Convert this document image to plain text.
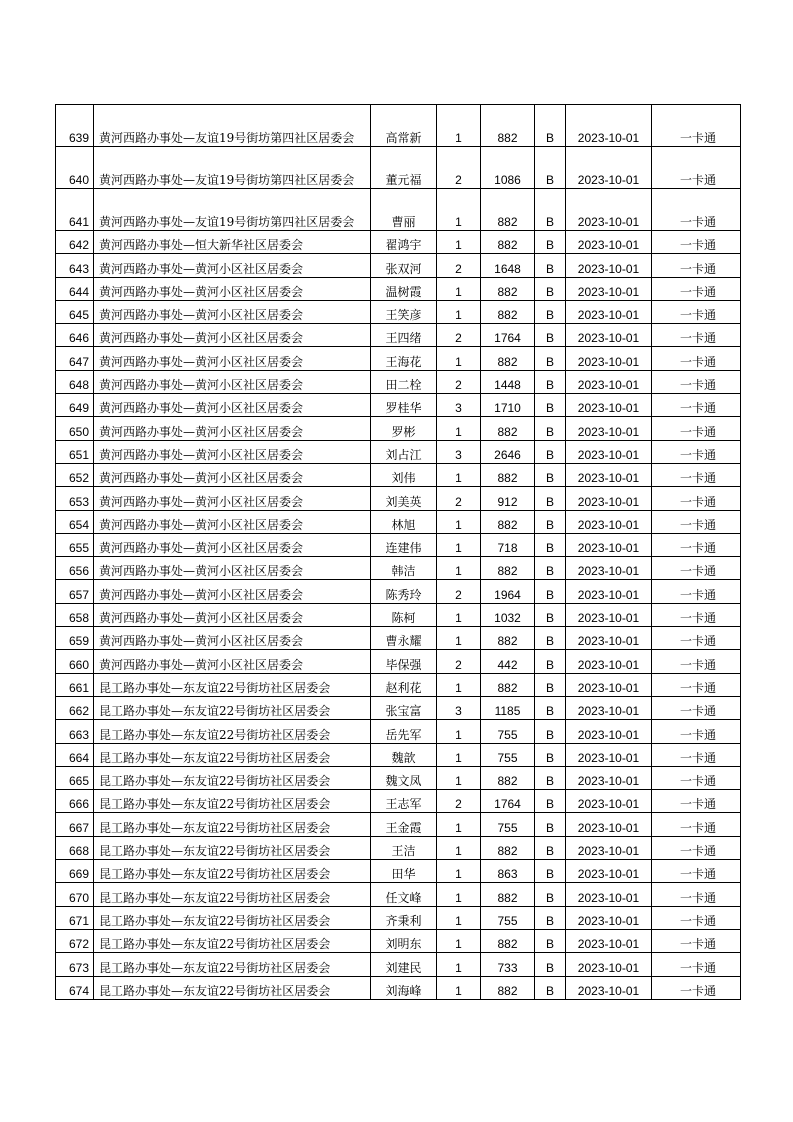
639	黄河西路办事处—友谊19号街坊第四社区居委会	高常新	1	882	B	2023-10-01	一卡通
640	黄河西路办事处—友谊19号街坊第四社区居委会	董元福	2	1086	B	2023-10-01	一卡通
641	黄河西路办事处—友谊19号街坊第四社区居委会	曹丽	1	882	B	2023-10-01	一卡通
642	黄河西路办事处—恒大新华社区居委会	翟鸿宇	1	882	B	2023-10-01	一卡通
643	黄河西路办事处—黄河小区社区居委会	张双河	2	1648	B	2023-10-01	一卡通
644	黄河西路办事处—黄河小区社区居委会	温树霞	1	882	B	2023-10-01	一卡通
645	黄河西路办事处—黄河小区社区居委会	王笑彦	1	882	B	2023-10-01	一卡通
646	黄河西路办事处—黄河小区社区居委会	王四绪	2	1764	B	2023-10-01	一卡通
647	黄河西路办事处—黄河小区社区居委会	王海花	1	882	B	2023-10-01	一卡通
648	黄河西路办事处—黄河小区社区居委会	田二栓	2	1448	B	2023-10-01	一卡通
649	黄河西路办事处—黄河小区社区居委会	罗桂华	3	1710	B	2023-10-01	一卡通
650	黄河西路办事处—黄河小区社区居委会	罗彬	1	882	B	2023-10-01	一卡通
651	黄河西路办事处—黄河小区社区居委会	刘占江	3	2646	B	2023-10-01	一卡通
652	黄河西路办事处—黄河小区社区居委会	刘伟	1	882	B	2023-10-01	一卡通
653	黄河西路办事处—黄河小区社区居委会	刘美英	2	912	B	2023-10-01	一卡通
654	黄河西路办事处—黄河小区社区居委会	林旭	1	882	B	2023-10-01	一卡通
655	黄河西路办事处—黄河小区社区居委会	连建伟	1	718	B	2023-10-01	一卡通
656	黄河西路办事处—黄河小区社区居委会	韩洁	1	882	B	2023-10-01	一卡通
657	黄河西路办事处—黄河小区社区居委会	陈秀玲	2	1964	B	2023-10-01	一卡通
658	黄河西路办事处—黄河小区社区居委会	陈柯	1	1032	B	2023-10-01	一卡通
659	黄河西路办事处—黄河小区社区居委会	曹永耀	1	882	B	2023-10-01	一卡通
660	黄河西路办事处—黄河小区社区居委会	毕保强	2	442	B	2023-10-01	一卡通
661	昆工路办事处—东友谊22号街坊社区居委会	赵利花	1	882	B	2023-10-01	一卡通
662	昆工路办事处—东友谊22号街坊社区居委会	张宝富	3	1185	B	2023-10-01	一卡通
663	昆工路办事处—东友谊22号街坊社区居委会	岳先军	1	755	B	2023-10-01	一卡通
664	昆工路办事处—东友谊22号街坊社区居委会	魏歆	1	755	B	2023-10-01	一卡通
665	昆工路办事处—东友谊22号街坊社区居委会	魏文凤	1	882	B	2023-10-01	一卡通
666	昆工路办事处—东友谊22号街坊社区居委会	王志军	2	1764	B	2023-10-01	一卡通
667	昆工路办事处—东友谊22号街坊社区居委会	王金霞	1	755	B	2023-10-01	一卡通
668	昆工路办事处—东友谊22号街坊社区居委会	王洁	1	882	B	2023-10-01	一卡通
669	昆工路办事处—东友谊22号街坊社区居委会	田华	1	863	B	2023-10-01	一卡通
670	昆工路办事处—东友谊22号街坊社区居委会	任文峰	1	882	B	2023-10-01	一卡通
671	昆工路办事处—东友谊22号街坊社区居委会	齐秉利	1	755	B	2023-10-01	一卡通
672	昆工路办事处—东友谊22号街坊社区居委会	刘明东	1	882	B	2023-10-01	一卡通
673	昆工路办事处—东友谊22号街坊社区居委会	刘建民	1	733	B	2023-10-01	一卡通
674	昆工路办事处—东友谊22号街坊社区居委会	刘海峰	1	882	B	2023-10-01	一卡通
